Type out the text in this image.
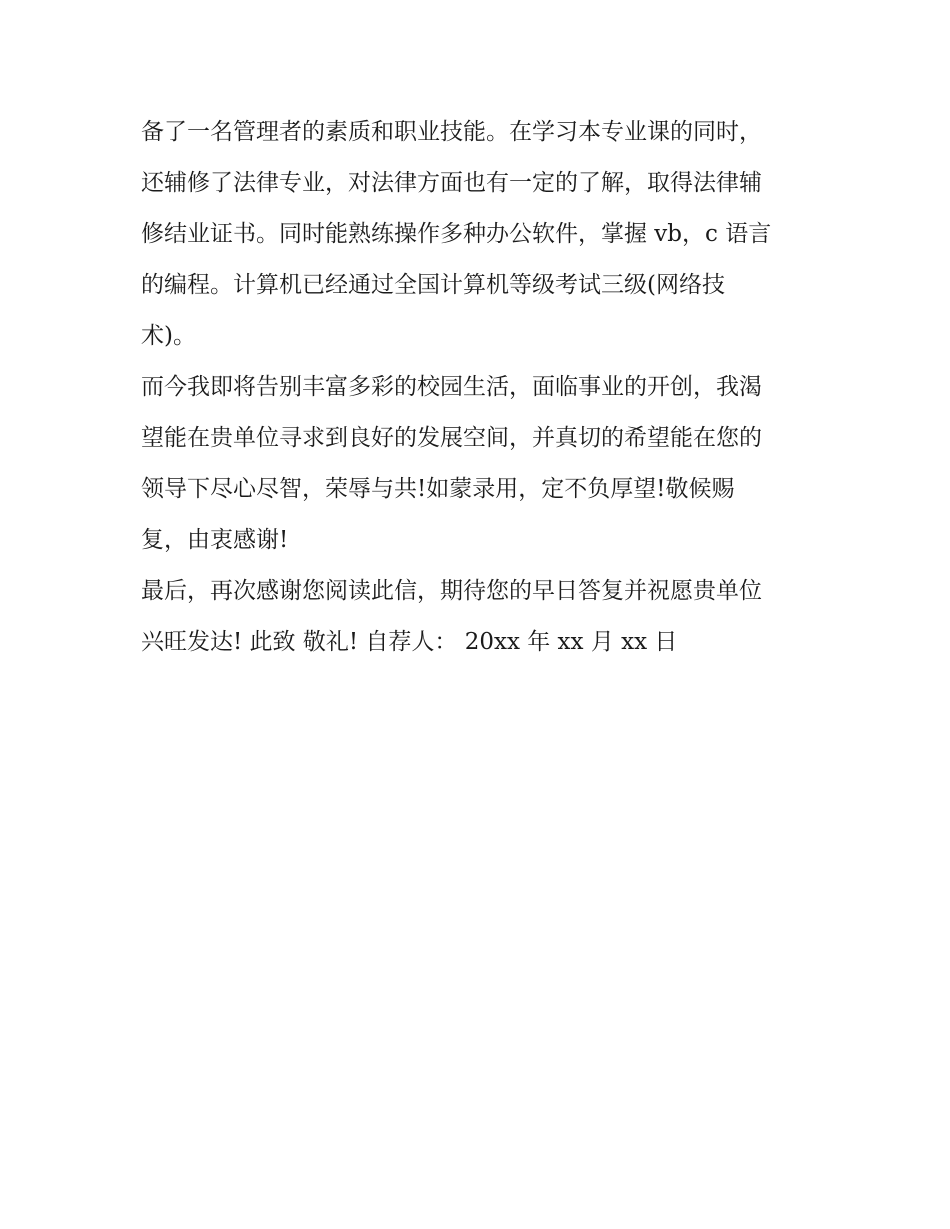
备了一名管理者的素质和职业技能。在学习本专业课的同时，
还辅修了法律专业，对法律方面也有一定的了解，取得法律辅
修结业证书。同时能熟练操作多种办公软件，掌握 vb，c 语言
的编程。计算机已经通过全国计算机等级考试三级(网络技
术)。
而今我即将告别丰富多彩的校园生活，面临事业的开创，我渴
望能在贵单位寻求到良好的发展空间，并真切的希望能在您的
领导下尽心尽智，荣辱与共!如蒙录用，定不负厚望!敬候赐
复，由衷感谢!
最后，再次感谢您阅读此信，期待您的早日答复并祝愿贵单位
兴旺发达! 此致 敬礼! 自荐人： 20xx 年 xx 月 xx 日
